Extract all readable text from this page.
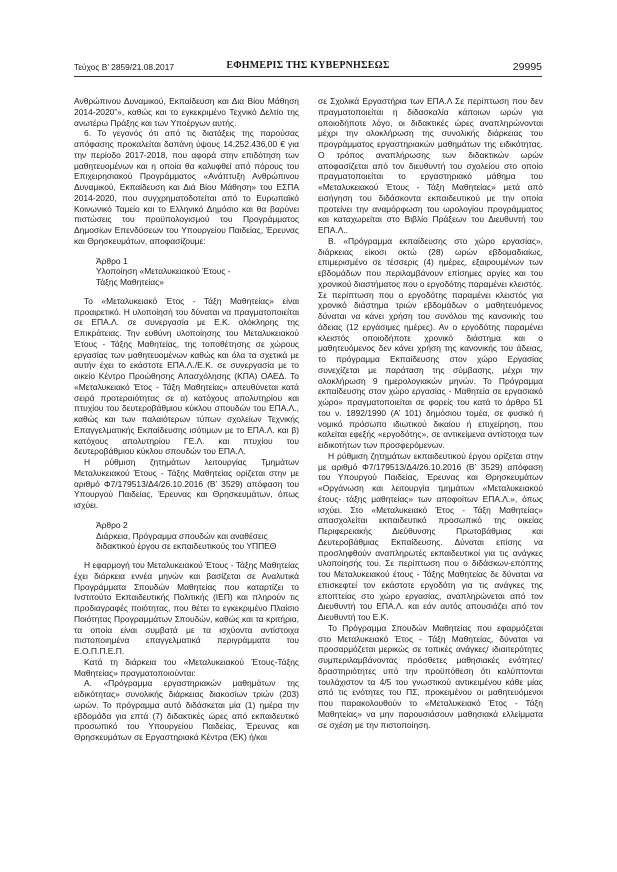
Τεύχος Β’ 2859/21.08.2017	ΕΦΗΜΕΡΙΣ ΤΗΣ ΚΥΒΕΡΝΗΣΕΩΣ	29995

Ανθρώπινου Δυναμικού, Εκπαίδευση και Δια Βίου Μάθηση 2014-2020”», καθώς και το εγκεκριμένο Τεχνικό Δελτίο της ανωτέρω Πράξης και των Υποέργων αυτής.

6. Το γεγονός ότι από τις διατάξεις της παρούσας απόφασης προκαλείται δαπάνη ύψους 14.252.436,00 € για την περίοδο 2017-2018, που αφορά στην επιδότηση των μαθητευομένων και η οποία θα καλυφθεί από πόρους του Επιχειρησιακού Προγράμματος «Ανάπτυξη Ανθρώπινου Δυναμικού, Εκπαίδευση και Διά Βίου Μάθηση» του ΕΣΠΑ 2014-2020, που συγχρηματοδοτείται από το Ευρωπαϊκό Κοινωνικό Ταμείο και το Ελληνικό Δημόσιο και θα βαρύνει πιστώσεις του προϋπολογισμού του Προγράμματος Δημοσίων Επενδύσεων του Υπουργείου Παιδείας, Έρευνας και Θρησκευμάτων, αποφασίζουμε:

Άρθρο 1
Υλοποίηση «Μεταλυκειακού Έτους -
Τάξης Μαθητείας»

Το «Μεταλυκειακό Έτος - Τάξη Μαθητείας» είναι προαιρετικό. Η υλοποίησή του δύναται να πραγματοποιείται σε ΕΠΑ.Λ. σε συνεργασία με Ε.Κ. ολόκληρης της Επικράτειας. Την ευθύνη υλοποίησης του Μεταλυκειακού Έτους - Τάξης Μαθητείας, της τοποθέτησης σε χώρους εργασίας των μαθητευομένων καθώς και όλα τα σχετικά με αυτήν έχει το εκάστοτε ΕΠΑ.Λ./Ε.Κ. σε συνεργασία με το οικείο Κέντρο Προώθησης Απασχόλησης (ΚΠΑ) ΟΑΕΔ. Το «Μεταλυκειακό Έτος - Τάξη Μαθητείας» απευθύνεται κατά σειρά προτεραιότητας σε α) κατόχους απολυτηρίου και πτυχίου του δευτεροβάθμιου κύκλου σπουδών του ΕΠΑ.Λ., καθώς και των παλαιότερων τύπων σχολείων Τεχνικής Επαγγελματικής Εκπαίδευσης ισότιμων με το ΕΠΑ.Λ. και β) κατόχους απολυτηρίου ΓΕ.Λ. και πτυχίου του δευτεροβάθμιου κύκλου σπουδών του ΕΠΑ.Λ.

Η ρύθμιση ζητημάτων λειτουργίας Τμημάτων Μεταλυκειακού Έτους - Τάξης Μαθητείας ορίζεται στην με αριθμό Φ7/179513/Δ4/26.10.2016 (Β’ 3529) απόφαση του Υπουργού Παιδείας, Έρευνας και Θρησκευμάτων, όπως ισχύει.

Άρθρο 2
Διάρκεια, Πρόγραμμα σπουδών και αναθέσεις
διδακτικού έργου σε εκπαιδευτικούς του ΥΠΠΕΘ

Η εφαρμογή του Μεταλυκειακού Έτους - Τάξης Μαθητείας έχει διάρκεια εννέα μηνών και βασίζεται σε Αναλυτικά Προγράμματα Σπουδών Μαθητείας που καταρτίζει το Ινστιτούτο Εκπαιδευτικής Πολιτικής (ΙΕΠ) και πληρούν τις προδιαγραφές ποιότητας, που θέτει το εγκεκριμένο Πλαίσιο Ποιότητας Προγραμμάτων Σπουδών, καθώς και τα κριτήρια, τα οποία είναι συμβατά με τα ισχύοντα αντίστοιχα πιστοποιημένα επαγγελματικά περιγράμματα του Ε.Ο.Π.Π.Ε.Π.

Κατά τη διάρκεια του «Μεταλυκειακού Έτους-Τάξης Μαθητείας» πραγματοποιούνται:

Α. «Πρόγραμμα εργαστηριακών μαθημάτων της ειδικότητας» συνολικής διάρκειας διακοσίων τριών (203) ωρών. Το πρόγραμμα αυτό διδάσκεται μία (1) ημέρα την εβδομάδα για επτά (7) διδακτικές ώρες από εκπαιδευτικό προσωπικό του Υπουργείου Παιδείας, Έρευνας και Θρησκευμάτων σε Εργαστηριακά Κέντρα (ΕΚ) ή/και

σε Σχολικά Εργαστήρια των ΕΠΑ.Λ Σε περίπτωση που δεν πραγματοποιείται η διδασκαλία κάποιων ωρών για οποιοδήποτε λόγο, οι διδακτικές ώρες αναπληρώνονται μέχρι την ολοκλήρωση της συνολικής διάρκειας του προγράμματος εργαστηριακών μαθημάτων της ειδικότητας. Ο τρόπος αναπλήρωσης των διδακτικών ωρών αποφασίζεται από τον διευθυντή του σχολείου στο οποίο πραγματοποιείται το εργαστηριακό μάθημα του «Μεταλυκειακού Έτους - Τάξη Μαθητείας» μετά από εισήγηση του διδάσκοντα εκπαιδευτικού με την οποία προτείνει την αναμόρφωση του ωρολογίου προγράμματος και καταχωρείται στο Βιβλίο Πράξεων του Διευθυντή του ΕΠΑ.Λ..

Β. «Πρόγραμμα εκπαίδευσης στο χώρο εργασίας», διάρκειας είκοσι οκτώ (28) ωρών εβδομαδιαίως, επιμερισμένο σε τέσσερις (4) ημέρες, εξαιρουμένων των εβδομάδων που περιλαμβάνουν επίσημες αργίες και του χρονικού διαστήματος που ο εργοδότης παραμένει κλειστός. Σε περίπτωση που ο εργοδότης παραμένει κλειστός για χρονικό διάστημα τριών εβδομάδων ο μαθητευόμενος δύναται να κάνει χρήση του συνόλου της κανονικής του άδειας (12 εργάσιμες ημέρες). Αν ο εργοδότης παραμένει κλειστός οποιοδήποτε χρονικό διάστημα και ο μαθητευόμενος δεν κάνει χρήση της κανονικής του άδειας, το πρόγραμμα Εκπαίδευσης στον χώρο Εργασίας συνεχίζεται με παράταση της σύμβασης, μέχρι την ολοκλήρωση 9 ημερολογιακών μηνών. Το Πρόγραμμα εκπαίδευσης στον χώρο εργασίας - Μαθητεία σε εργασιακό χώρο» πραγματοποιείται σε φορείς του κατά το άρθρο 51 του ν. 1892/1990 (Α’ 101) δημόσιου τομέα, σε φυσικό ή νομικό πρόσωπο ιδιωτικού δικαίου ή επιχείρηση, που καλείται εφεξής «εργοδότης», σε αντικείμενα αντίστοιχα των ειδικοτήτων των προσφερόμενων.

Η ρύθμιση ζητημάτων εκπαιδευτικού έργου ορίζεται στην με αριθμό Φ7/179513/Δ4/26.10.2016 (Β’ 3529) απόφαση του Υπουργού Παιδείας, Έρευνας και Θρησκευμάτων «Οργάνωση και λειτουργία τμημάτων «Μεταλυκειακού έτους- τάξης μαθητείας» των αποφοίτων ΕΠΑ.Λ.», όπως ισχύει. Στο «Μεταλυκειακό Έτος - Τάξη Μαθητείας» απασχολείται εκπαιδευτικό προσωπικό της οικείας Περιφερειακής Διεύθυνσης Πρωτοβάθμιας και Δευτεροβάθμιας Εκπαίδευσης. Δύναται επίσης να προσληφθούν αναπληρωτές εκπαιδευτικοί για τις ανάγκες υλοποίησής του. Σε περίπτωση που ο διδάσκων-επόπτης του Μεταλυκειακού έτους - Τάξης Μαθητείας δε δύναται να επισκεφτεί τον εκάστοτε εργοδότη για τις ανάγκες της εποπτείας στο χώρο εργασίας, αναπληρώνεται από τον Διευθυντή του ΕΠΑ.Λ. και εάν αυτός απουσιάζει από τον Διευθυντή του Ε.Κ.

Το Πρόγραμμα Σπουδών Μαθητείας που εφαρμόζεται στο Μεταλυκειακό Έτος - Τάξη Μαθητείας, δύναται να προσαρμόζεται μερικώς σε τοπικές ανάγκες/ ιδιαιτερότητες συμπεριλαμβάνοντας πρόσθετες μαθησιακές ενότητες/ δραστηριότητες υπό την προϋπόθεση ότι καλύπτονται τουλάχιστον τα 4/5 του γνωστικού αντικειμένου κάθε μίας από τις ενότητες του ΠΣ, προκειμένου οι μαθητευόμενοι που παρακολουθούν το «Μεταλυκειακό Έτος - Τάξη Μαθητείας» να μην παρουσιάσουν μαθησιακά ελλείμματα σε σχέση με την πιστοποίηση.
